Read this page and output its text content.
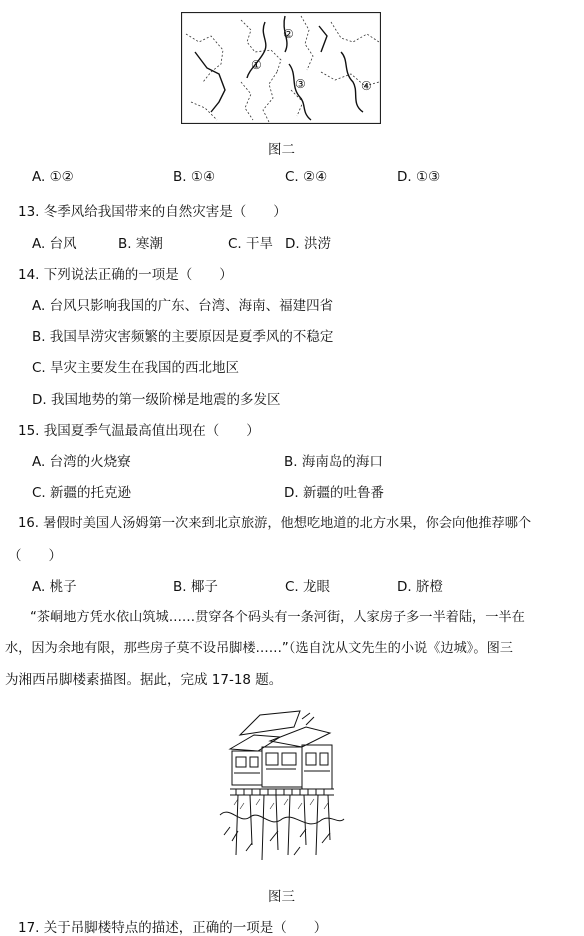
①
②
③	④
图二
A. ①②	B. ①④	C. ②④	D. ①③
13. 冬季风给我国带来的自然灾害是（　　）
A. 台风	B. 寒潮	C. 干旱 D. 洪涝
14. 下列说法正确的一项是（　　）
A. 台风只影响我国的广东、台湾、海南、福建四省
B. 我国旱涝灾害频繁的主要原因是夏季风的不稳定
C. 旱灾主要发生在我国的西北地区
D. 我国地势的第一级阶梯是地震的多发区
15. 我国夏季气温最高值出现在（　　）
A. 台湾的火烧寮	B. 海南岛的海口
C. 新疆的托克逊	D. 新疆的吐鲁番
16. 暑假时美国人汤姆第一次来到北京旅游，他想吃地道的北方水果，你会向他推荐哪个
（　　）
A. 桃子	B. 椰子	C. 龙眼	D. 脐橙
“茶峒地方凭水依山筑城……贯穿各个码头有一条河街，人家房子多一半着陆，一半在
水，因为余地有限，那些房子莫不设吊脚楼……”（选自沈从文先生的小说《边城》。图三
为湘西吊脚楼素描图。据此，完成 17-18 题。
图三
17. 关于吊脚楼特点的描述，正确的一项是（　　）
